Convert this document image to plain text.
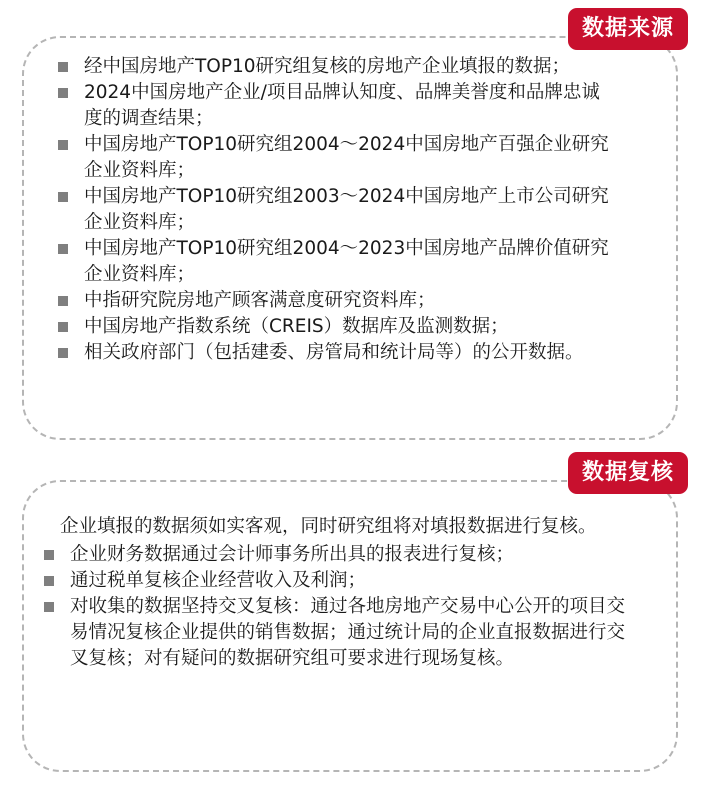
数据来源
经中国房地产TOP10研究组复核的房地产企业填报的数据；
2024中国房地产企业/项目品牌认知度、品牌美誉度和品牌忠诚度的调查结果；
中国房地产TOP10研究组2004～2024中国房地产百强企业研究企业资料库；
中国房地产TOP10研究组2003～2024中国房地产上市公司研究企业资料库；
中国房地产TOP10研究组2004～2023中国房地产品牌价值研究企业资料库；
中指研究院房地产顾客满意度研究资料库；
中国房地产指数系统（CREIS）数据库及监测数据；
相关政府部门（包括建委、房管局和统计局等）的公开数据。
数据复核

企业填报的数据须如实客观，同时研究组将对填报数据进行复核。

企业财务数据通过会计师事务所出具的报表进行复核；
通过税单复核企业经营收入及利润；
对收集的数据坚持交叉复核：通过各地房地产交易中心公开的项目交易情况复核企业提供的销售数据；通过统计局的企业直报数据进行交叉复核；对有疑问的数据研究组可要求进行现场复核。
